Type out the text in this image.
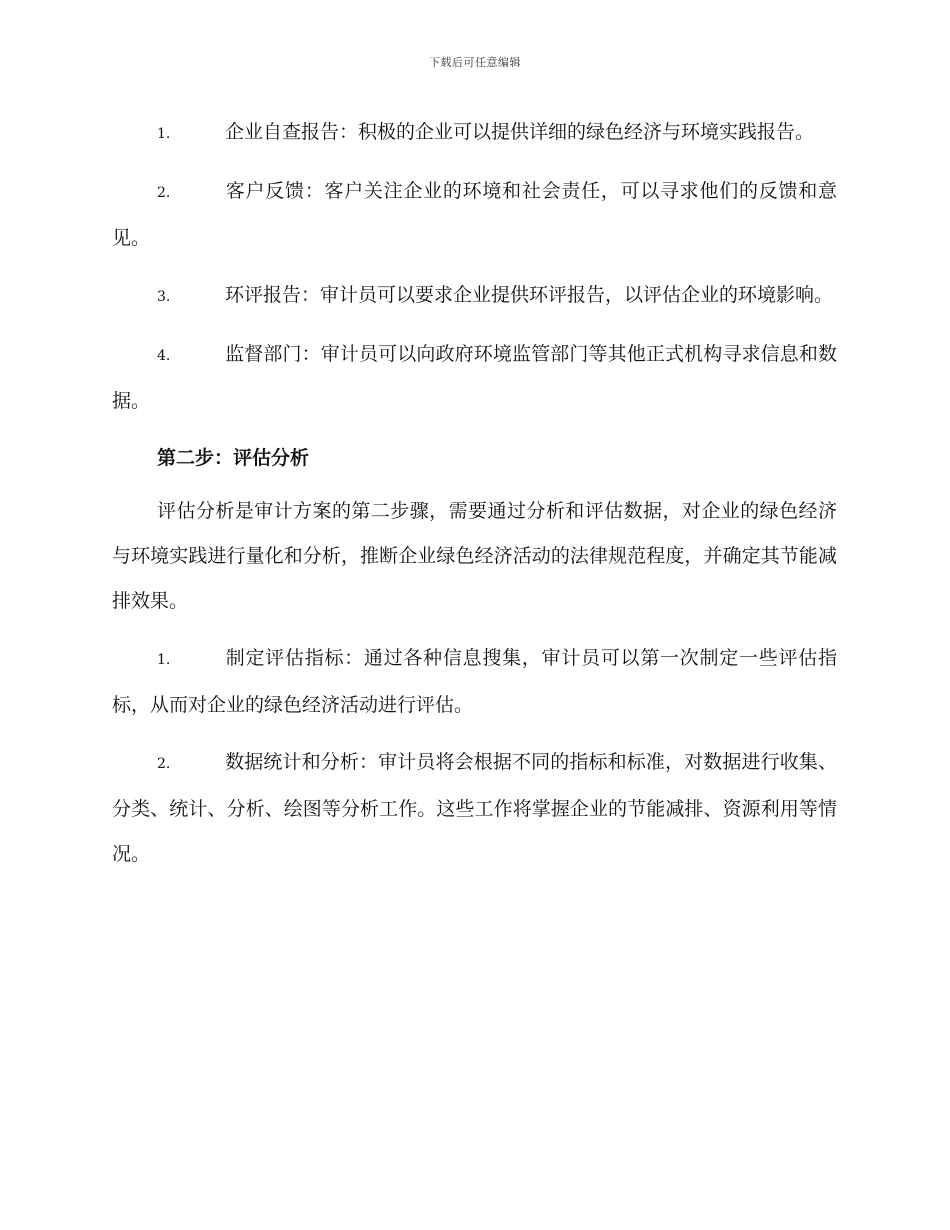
下载后可任意编辑

1.	企业自查报告：积极的企业可以提供详细的绿色经济与环境实践报告。

2.	客户反馈：客户关注企业的环境和社会责任，可以寻求他们的反馈和意见。

3.	环评报告：审计员可以要求企业提供环评报告，以评估企业的环境影响。

4.	监督部门：审计员可以向政府环境监管部门等其他正式机构寻求信息和数据。

第二步：评估分析

评估分析是审计方案的第二步骤，需要通过分析和评估数据，对企业的绿色经济与环境实践进行量化和分析，推断企业绿色经济活动的法律规范程度，并确定其节能减排效果。

1.	制定评估指标：通过各种信息搜集，审计员可以第一次制定一些评估指标，从而对企业的绿色经济活动进行评估。

2.	数据统计和分析：审计员将会根据不同的指标和标准，对数据进行收集、分类、统计、分析、绘图等分析工作。这些工作将掌握企业的节能减排、资源利用等情况。
